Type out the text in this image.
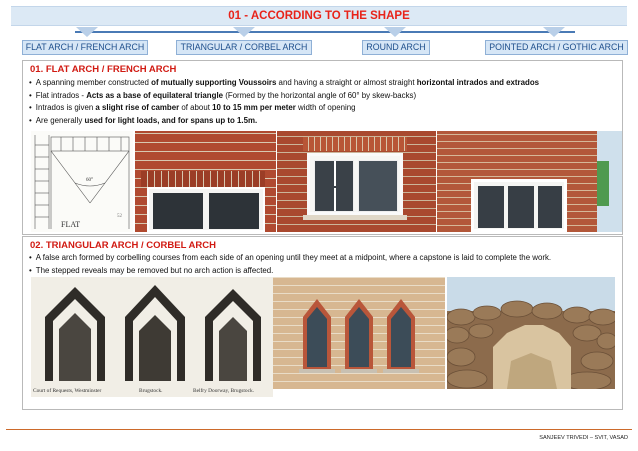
01 - ACCORDING TO THE SHAPE
FLAT ARCH / FRENCH ARCH	TRIANGULAR / CORBEL ARCH	ROUND ARCH	POINTED ARCH / GOTHIC ARCH
01. FLAT ARCH / FRENCH ARCH
• A spanning member constructed of mutually supporting Voussoirs and having a straight or almost straight horizontal intrados and extrados
• Flat intrados - Acts as a base of equilateral triangle (Formed by the horizontal angle of 60° by skew-backs)
• Intrados is given a slight rise of camber of about 10 to 15 mm per meter width of opening
• Are generally used for light loads, and for spans up to 1.5m.
60°
FLAT
52
02. TRIANGULAR ARCH / CORBEL ARCH
• A false arch formed by corbelling courses from each side of an opening until they meet at a midpoint, where a capstone is laid to complete the work.
• The stepped reveals may be removed but no arch action is affected.
Court of Requests, Westminster	Brugstock.	Belfry Doorway, Brugstock.
SANJEEV TRIVEDI – SVIT, VASAD
